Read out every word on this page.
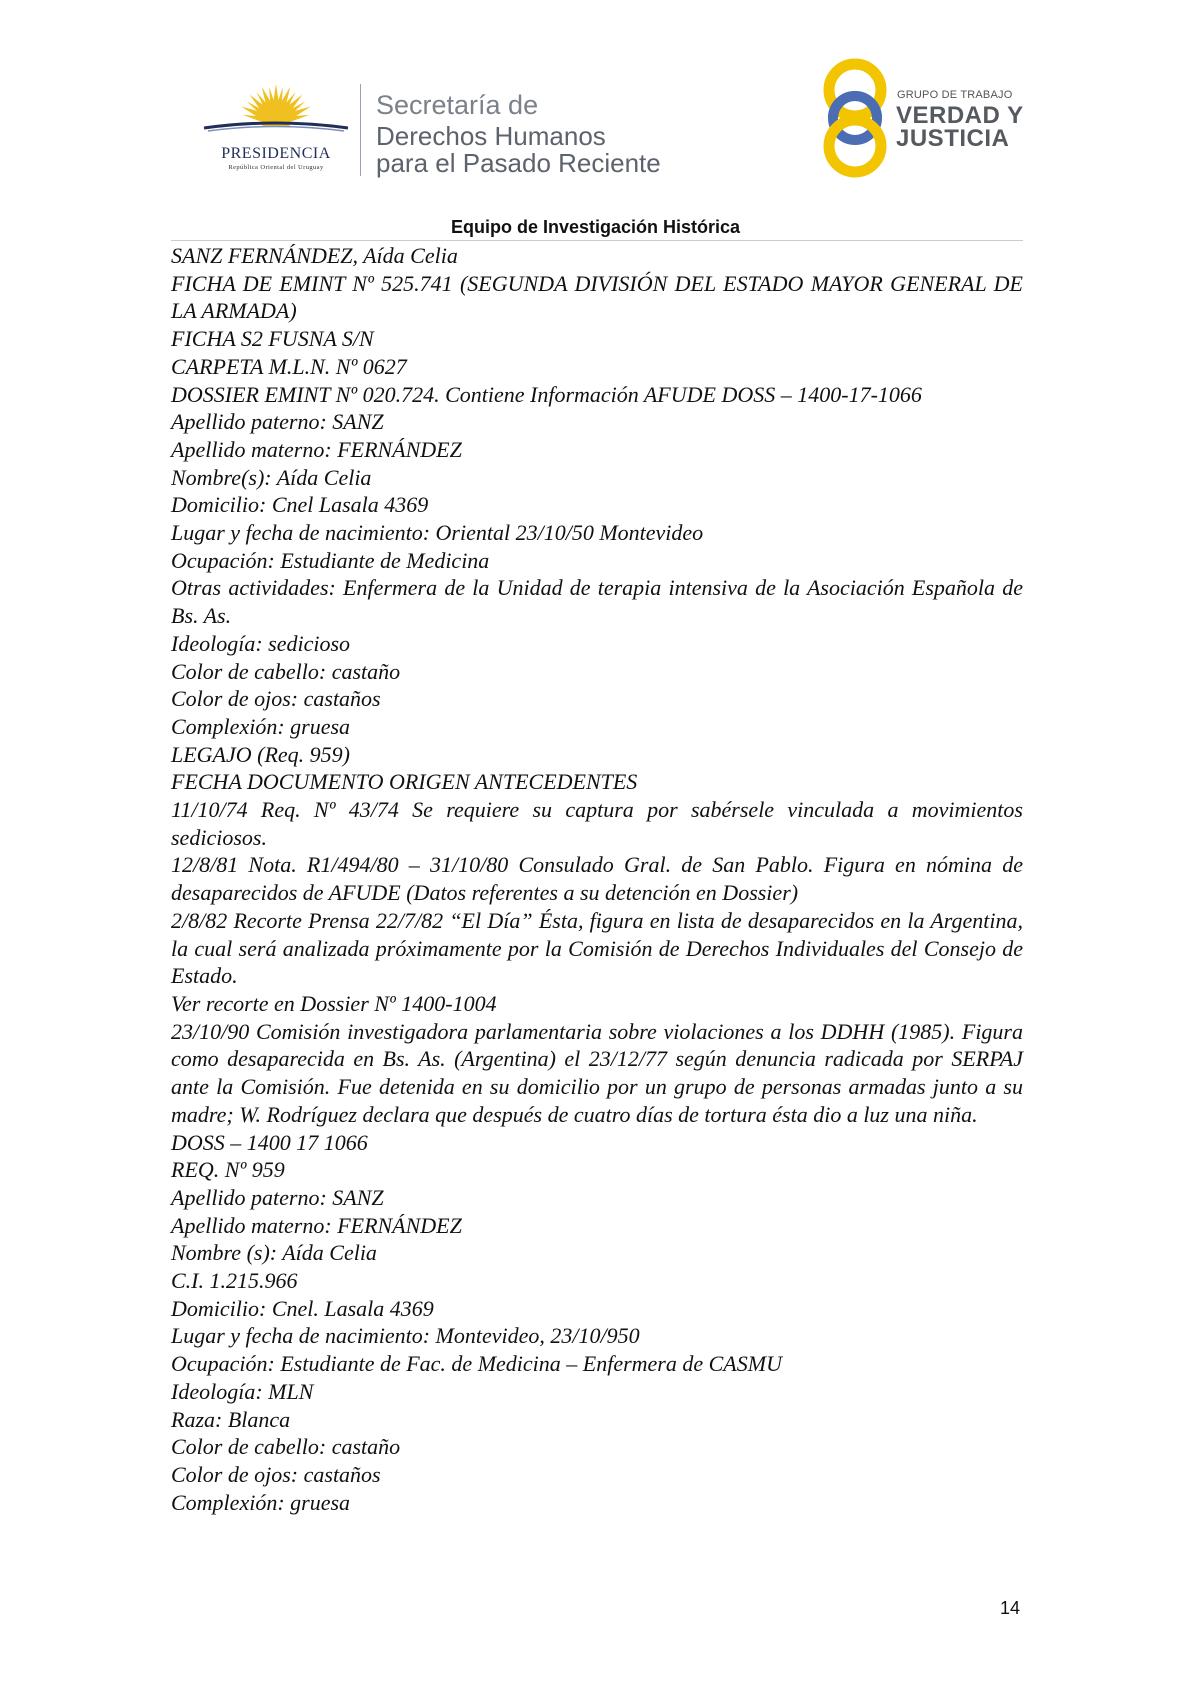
PRESIDENCIA
República Oriental del Uruguay
Secretaría de
Derechos Humanos
para el Pasado Reciente
GRUPO DE TRABAJO
VERDAD Y
JUSTICIA
Equipo de Investigación Histórica

SANZ FERNÁNDEZ, Aída Celia

FICHA DE EMINT Nº 525.741 (SEGUNDA DIVISIÓN DEL ESTADO MAYOR GENERAL DE LA ARMADA)

FICHA S2 FUSNA S/N

CARPETA M.L.N. Nº 0627

DOSSIER EMINT Nº 020.724. Contiene Información AFUDE DOSS – 1400-17-1066

Apellido paterno: SANZ

Apellido materno: FERNÁNDEZ

Nombre(s): Aída Celia

Domicilio: Cnel Lasala 4369

Lugar y fecha de nacimiento: Oriental 23/10/50 Montevideo

Ocupación: Estudiante de Medicina

Otras actividades: Enfermera de la Unidad de terapia intensiva de la Asociación Española de Bs. As.

Ideología: sedicioso

Color de cabello: castaño

Color de ojos: castaños

Complexión: gruesa

LEGAJO (Req. 959)

FECHA DOCUMENTO ORIGEN ANTECEDENTES

11/10/74 Req. Nº 43/74 Se requiere su captura por sabérsele vinculada a movimientos sediciosos.

12/8/81 Nota. R1/494/80 – 31/10/80 Consulado Gral. de San Pablo. Figura en nómina de desaparecidos de AFUDE (Datos referentes a su detención en Dossier)

2/8/82 Recorte Prensa 22/7/82 “El Día” Ésta, figura en lista de desaparecidos en la Argentina, la cual será analizada próximamente por la Comisión de Derechos Individuales del Consejo de Estado.

Ver recorte en Dossier Nº 1400-1004

23/10/90 Comisión investigadora parlamentaria sobre violaciones a los DDHH (1985). Figura como desaparecida en Bs. As. (Argentina) el 23/12/77 según denuncia radicada por SERPAJ ante la Comisión. Fue detenida en su domicilio por un grupo de personas armadas junto a su madre; W. Rodríguez declara que después de cuatro días de tortura ésta dio a luz una niña.

DOSS – 1400 17 1066

REQ. Nº 959

Apellido paterno: SANZ

Apellido materno: FERNÁNDEZ

Nombre (s): Aída Celia

C.I. 1.215.966

Domicilio: Cnel. Lasala 4369

Lugar y fecha de nacimiento: Montevideo, 23/10/950

Ocupación: Estudiante de Fac. de Medicina – Enfermera de CASMU

Ideología: MLN

Raza: Blanca

Color de cabello: castaño

Color de ojos: castaños

Complexión: gruesa

14
